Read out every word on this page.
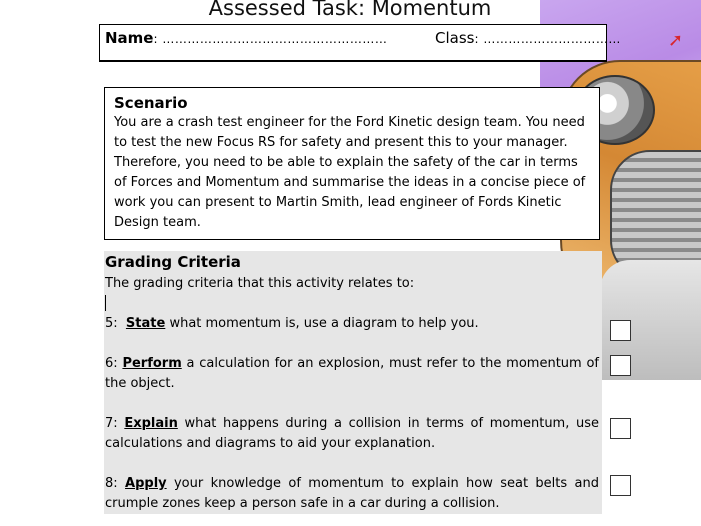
➚
Assessed Task: Momentum
Name: ………………………………………………	Class: ……………………………
Scenario

You are a crash test engineer for the Ford Kinetic design team. You need to test the new Focus RS for safety and present this to your manager. Therefore, you need to be able to explain the safety of the car in terms of Forces and Momentum and summarise the ideas in a concise piece of work you can present to Martin Smith, lead engineer of Fords Kinetic Design team.

Grading Criteria
The grading criteria that this activity relates to:
5: State what momentum is, use a diagram to help you.
6: Perform a calculation for an explosion, must refer to the momentum of the object.
7: Explain what happens during a collision in terms of momentum, use calculations and diagrams to aid your explanation.
8: Apply your knowledge of momentum to explain how seat belts and crumple zones keep a person safe in a car during a collision.
